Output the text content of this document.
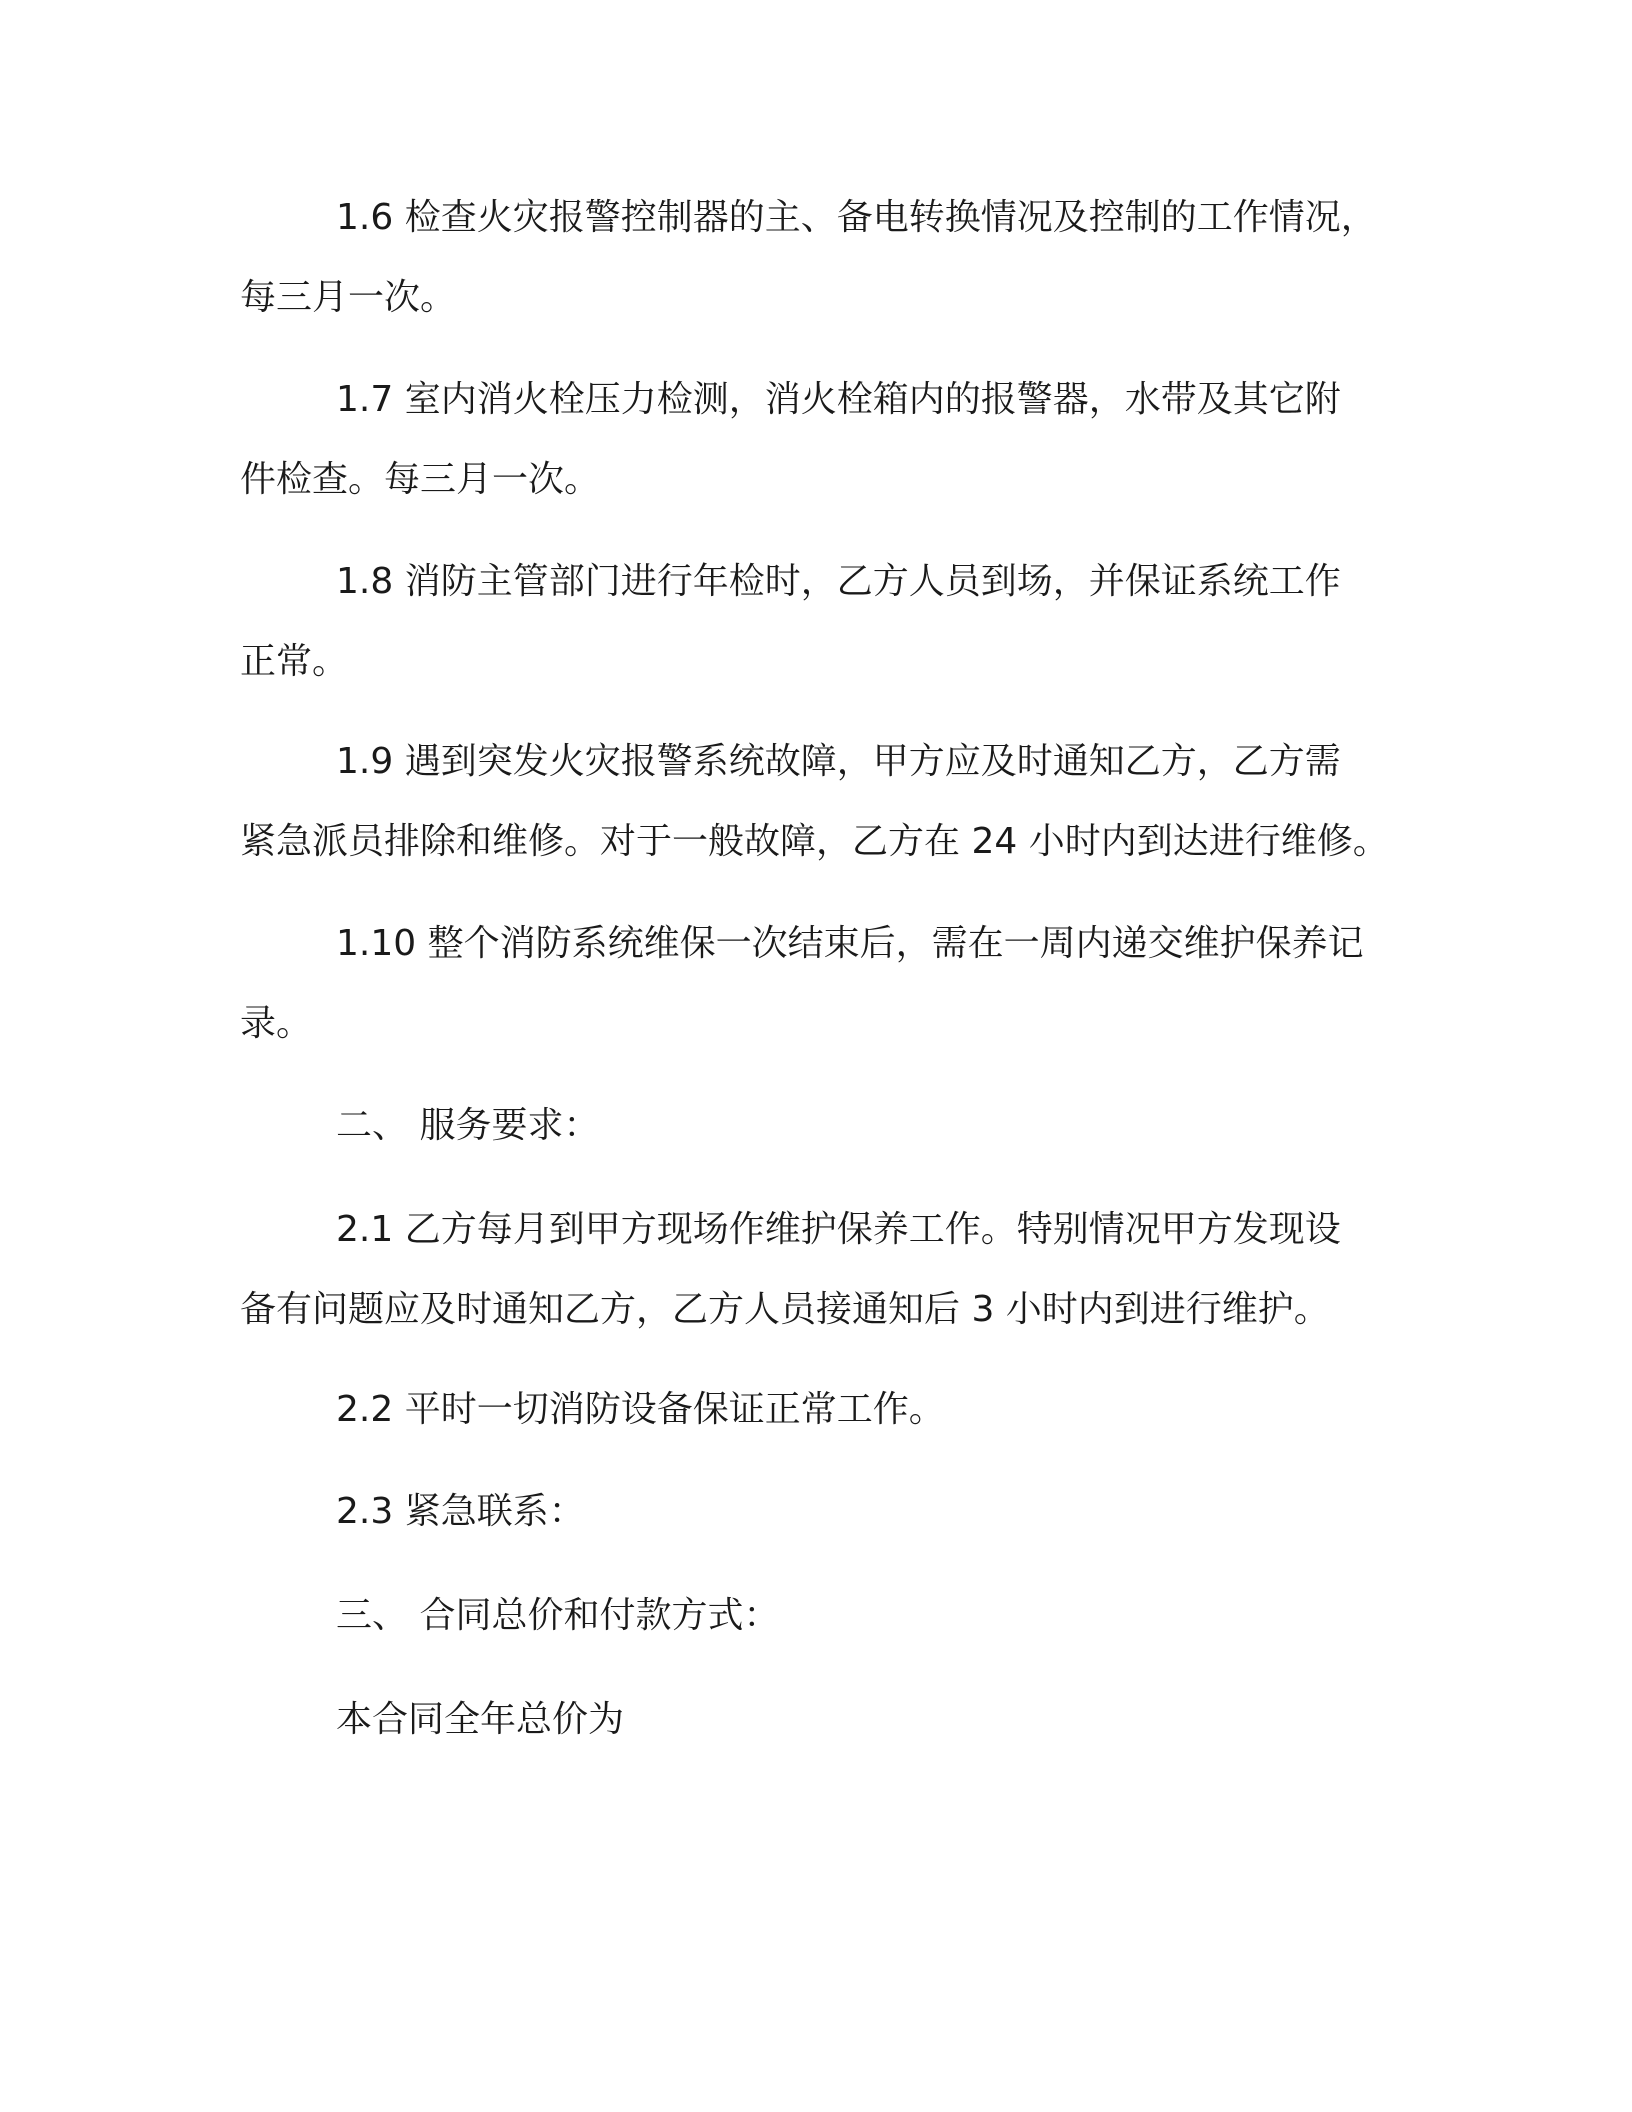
1.6 检查火灾报警控制器的主、备电转换情况及控制的工作情况，
每三月一次。
1.7 室内消火栓压力检测，消火栓箱内的报警器，水带及其它附
件检查。每三月一次。
1.8 消防主管部门进行年检时，乙方人员到场，并保证系统工作
正常。
1.9 遇到突发火灾报警系统故障，甲方应及时通知乙方，乙方需
紧急派员排除和维修。对于一般故障，乙方在 24 小时内到达进行维修。
1.10 整个消防系统维保一次结束后，需在一周内递交维护保养记
录。
二、 服务要求：
2.1 乙方每月到甲方现场作维护保养工作。特别情况甲方发现设
备有问题应及时通知乙方，乙方人员接通知后 3 小时内到进行维护。
2.2 平时一切消防设备保证正常工作。
2.3 紧急联系：
三、 合同总价和付款方式：
本合同全年总价为
